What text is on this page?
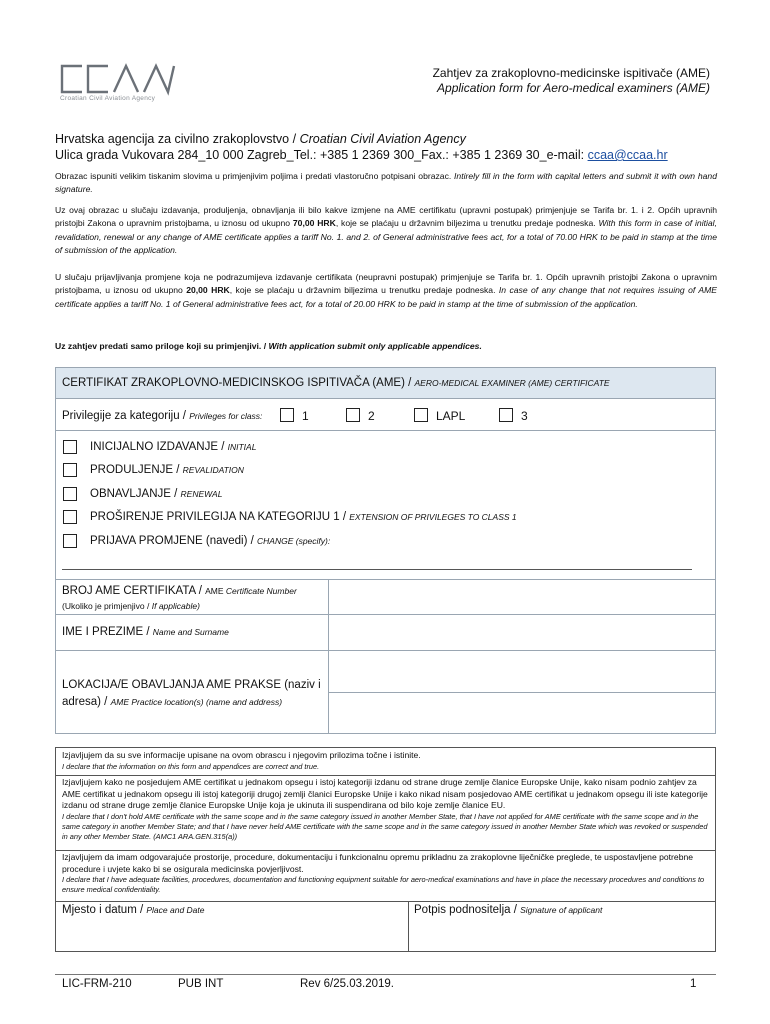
Croatian Civil Aviation Agency
Zahtjev za zrakoplovno-medicinske ispitivače (AME)
Application form for Aero-medical examiners (AME)
Hrvatska agencija za civilno zrakoplovstvo / Croatian Civil Aviation Agency
Ulica grada Vukovara 284_10 000 Zagreb_Tel.: +385 1 2369 300_Fax.: +385 1 2369 30_e-mail: ccaa@ccaa.hr
Obrazac ispuniti velikim tiskanim slovima u primjenjivim poljima i predati vlastoručno potpisani obrazac. Intirely fill in the form with capital letters and submit it with own hand signature.
Uz ovaj obrazac u slučaju izdavanja, produljenja, obnavljanja ili bilo kakve izmjene na AME certifikatu (upravni postupak) primjenjuje se Tarifa br. 1. i 2. Općih upravnih pristojbi Zakona o upravnim pristojbama, u iznosu od ukupno 70,00 HRK, koje se plaćaju u državnim biljezima u trenutku predaje podneska. With this form in case of initial, revalidation, renewal or any change of AME certificate applies a tariff No. 1. and 2. of General administrative fees act, for a total of 70.00 HRK to be paid in stamp at the time of submission of the application.
U slučaju prijavljivanja promjene koja ne podrazumijeva izdavanje certifikata (neupravni postupak) primjenjuje se Tarifa br. 1. Općih upravnih pristojbi Zakona o upravnim pristojbama, u iznosu od ukupno 20,00 HRK, koje se plaćaju u državnim biljezima u trenutku predaje podneska. In case of any change that not requires issuing of AME certificate applies a tariff No. 1 of General administrative fees act, for a total of 20.00 HRK to be paid in stamp at the time of submission of the application.
Uz zahtjev predati samo priloge koji su primjenjivi. / With application submit only applicable appendices.
CERTIFIKAT ZRAKOPLOVNO-MEDICINSKOG ISPITIVAČA (AME) / AERO-MEDICAL EXAMINER (AME) CERTIFICATE
Privilegije za kategoriju / Privileges for class:	1	2	LAPL	3
INICIJALNO IZDAVANJE / INITIAL
PRODULJENJE / REVALIDATION
OBNAVLJANJE / RENEWAL
PROŠIRENJE PRIVILEGIJA NA KATEGORIJU 1 / EXTENSION OF PRIVILEGES TO CLASS 1
PRIJAVA PROMJENE (navedi) / CHANGE (specify):
BROJ AME CERTIFIKATA / AME Certificate Number
(Ukoliko je primjenjivo / If applicable)
IME I PREZIME / Name and Surname
LOKACIJA/E OBAVLJANJA AME PRAKSE (naziv i adresa) / AME Practice location(s) (name and address)
Izjavljujem da su sve informacije upisane na ovom obrascu i njegovim prilozima točne i istinite.
I declare that the information on this form and appendices are correct and true.
Izjavljujem kako ne posjedujem AME certifikat u jednakom opsegu i istoj kategoriji izdanu od strane druge zemlje članice Europske Unije, kako nisam podnio zahtjev za AME certifikat u jednakom opsegu ili istoj kategoriji drugoj zemlji članici Europske Unije i kako nikad nisam posjedovao AME certifikat u jednakom opsegu ili iste kategorije izdanu od strane druge zemlje članice Europske Unije koja je ukinuta ili suspendirana od bilo koje zemlje članice EU.
I declare that I don't hold AME certificate with the same scope and in the same category issued in another Member State, that I have not applied for AME certificate with the same scope and in the same category in another Member State; and that I have never held AME certificate with the same scope and in the same category issued in another Member State which was revoked or suspended in any other Member State. (AMC1 ARA.GEN.315(a))
Izjavljujem da imam odgovarajuće prostorije, procedure, dokumentaciju i funkcionalnu opremu prikladnu za zrakoplovne liječničke preglede, te uspostavljene potrebne procedure i uvjete kako bi se osigurala medicinska povjerljivost.
I declare that I have adequate facilities, procedures, documentation and functioning equipment suitable for aero-medical examinations and have in place the necessary procedures and conditions to ensure medical confidentiality.
Mjesto i datum / Place and Date	Potpis podnositelja / Signature of applicant
LIC-FRM-210	PUB INT	Rev 6/25.03.2019.	1
